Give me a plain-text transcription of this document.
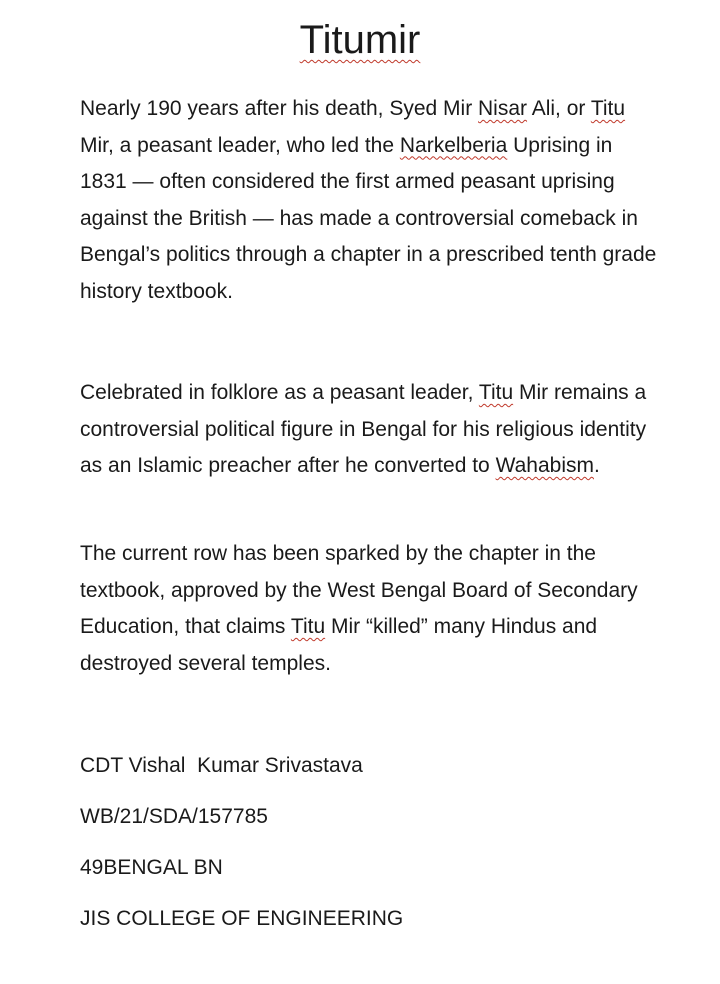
Titumir

Nearly 190 years after his death, Syed Mir Nisar Ali, or Titu Mir, a peasant leader, who led the Narkelberia Uprising in 1831 — often considered the first armed peasant uprising against the British — has made a controversial comeback in Bengal’s politics through a chapter in a prescribed tenth grade history textbook.

Celebrated in folklore as a peasant leader, Titu Mir remains a controversial political figure in Bengal for his religious identity as an Islamic preacher after he converted to Wahabism.

The current row has been sparked by the chapter in the textbook, approved by the West Bengal Board of Secondary Education, that claims Titu Mir “killed” many Hindus and destroyed several temples.

CDT Vishal  Kumar Srivastava

WB/21/SDA/157785

49BENGAL BN

JIS COLLEGE OF ENGINEERING
